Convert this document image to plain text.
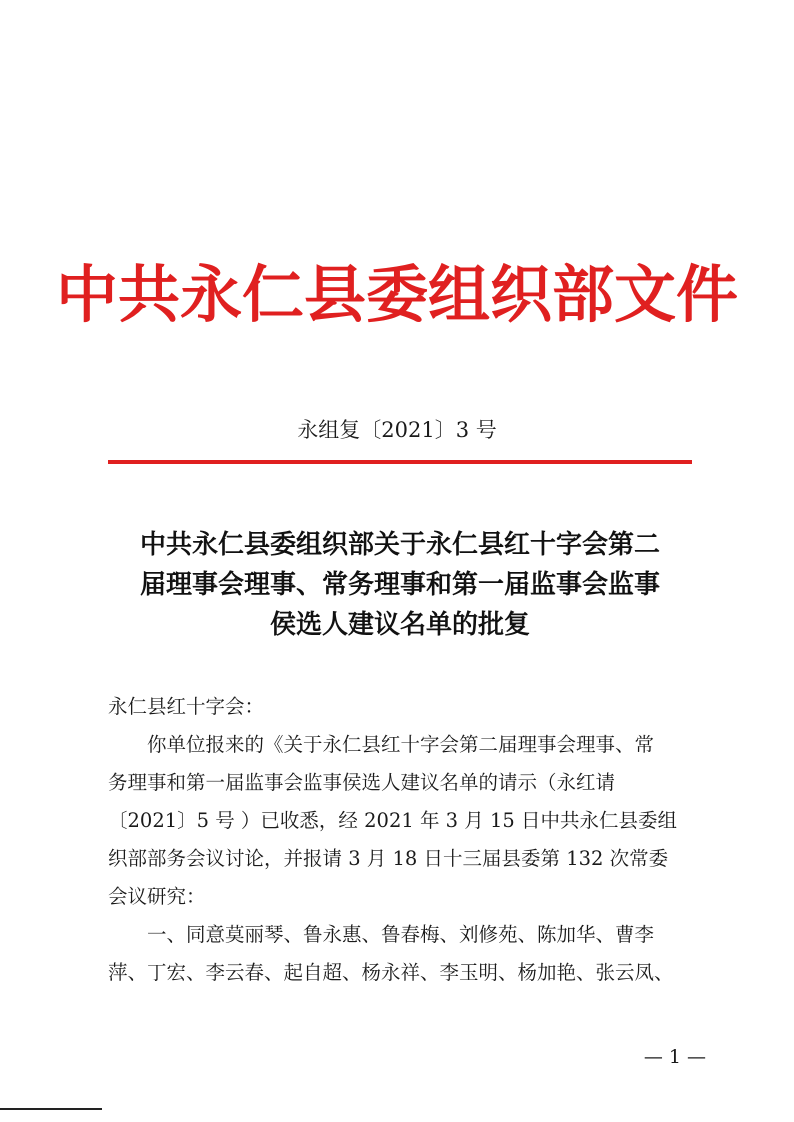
中共永仁县委组织部文件
永组复〔2021〕3 号
中共永仁县委组织部关于永仁县红十字会第二
届理事会理事、常务理事和第一届监事会监事
侯选人建议名单的批复

永仁县红十字会：

你单位报来的《关于永仁县红十字会第二届理事会理事、常

务理事和第一届监事会监事侯选人建议名单的请示（永红请

〔2021〕5 号 ）已收悉，经 2021 年 3 月 15 日中共永仁县委组

织部部务会议讨论，并报请 3 月 18 日十三届县委第 132 次常委

会议研究：

一、同意莫丽琴、鲁永惠、鲁春梅、刘修苑、陈加华、曹李

萍、丁宏、李云春、起自超、杨永祥、李玉明、杨加艳、张云凤、

— 1 —
